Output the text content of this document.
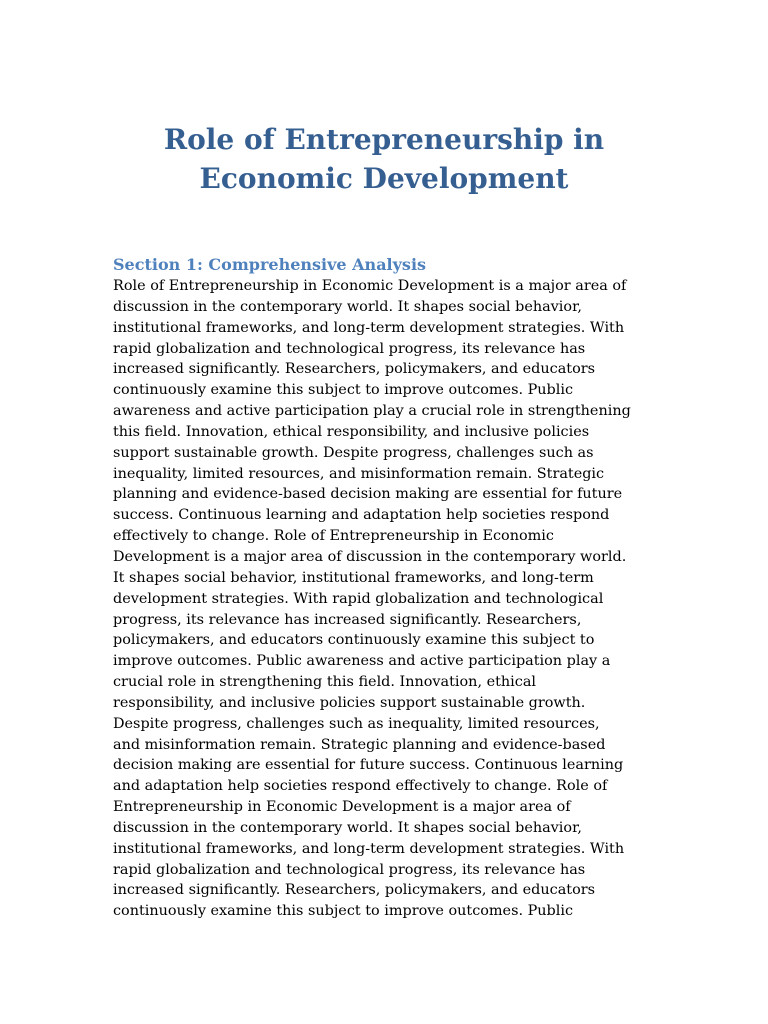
Role of Entrepreneurship in
Economic Development
Section 1: Comprehensive Analysis
Role of Entrepreneurship in Economic Development is a major area of
discussion in the contemporary world. It shapes social behavior,
institutional frameworks, and long-term development strategies. With
rapid globalization and technological progress, its relevance has
increased significantly. Researchers, policymakers, and educators
continuously examine this subject to improve outcomes. Public
awareness and active participation play a crucial role in strengthening
this field. Innovation, ethical responsibility, and inclusive policies
support sustainable growth. Despite progress, challenges such as
inequality, limited resources, and misinformation remain. Strategic
planning and evidence-based decision making are essential for future
success. Continuous learning and adaptation help societies respond
effectively to change. Role of Entrepreneurship in Economic
Development is a major area of discussion in the contemporary world.
It shapes social behavior, institutional frameworks, and long-term
development strategies. With rapid globalization and technological
progress, its relevance has increased significantly. Researchers,
policymakers, and educators continuously examine this subject to
improve outcomes. Public awareness and active participation play a
crucial role in strengthening this field. Innovation, ethical
responsibility, and inclusive policies support sustainable growth.
Despite progress, challenges such as inequality, limited resources,
and misinformation remain. Strategic planning and evidence-based
decision making are essential for future success. Continuous learning
and adaptation help societies respond effectively to change. Role of
Entrepreneurship in Economic Development is a major area of
discussion in the contemporary world. It shapes social behavior,
institutional frameworks, and long-term development strategies. With
rapid globalization and technological progress, its relevance has
increased significantly. Researchers, policymakers, and educators
continuously examine this subject to improve outcomes. Public
